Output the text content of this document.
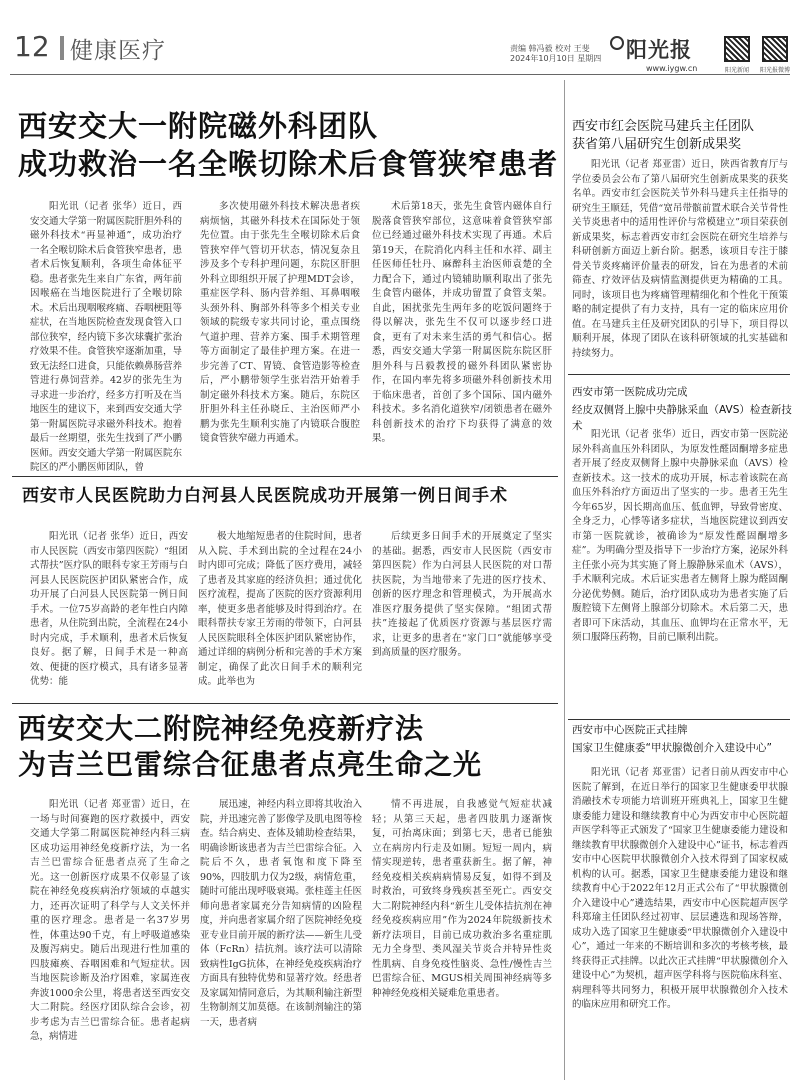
12 健康医疗	责编 韩冯毅 校对 王斐
2024年10月10日 星期四 阳光报
www.iygw.cn	阳光新闻	阳光报微博
西安交大一附院磁外科团队
成功救治一名全喉切除术后食管狭窄患者
阳光讯（记者 张华）近日，西安交通大学第一附属医院肝胆外科的磁外科技术“再显神通”，成功治疗一名全喉切除术后食管狭窄患者，患者术后恢复顺利，各项生命体征平稳。患者张先生来自广东省，两年前因喉癌在当地医院进行了全喉切除术。术后出现咽喉疼痛、吞咽梗阻等症状，在当地医院检查发现食管入口部位狭窄，经内镜下多次球囊扩张治疗效果不佳。食管狭窄逐渐加重，导致无法经口进食，只能依赖鼻肠营养管进行鼻饲营养。42岁的张先生为寻求进一步治疗，经多方打听及在当地医生的建议下，来到西安交通大学第一附属医院寻求磁外科技术。抱着最后一丝期望，张先生找到了严小鹏医师。西安交通大学第一附属医院东院区的严小鹏医师团队，曾
多次使用磁外科技术解决患者疾病烦恼，其磁外科技术在国际处于领先位置。由于张先生全喉切除术后食管狭窄伴气管切开状态，情况复杂且涉及多个专科护理问题，东院区肝胆外科立即组织开展了护理MDT会诊，重症医学科、肠内营养组、耳鼻咽喉头颈外科、胸部外科等多个相关专业领域的院级专家共同讨论，重点围绕气道护理、营养方案、围手术期管理等方面制定了最佳护理方案。在进一步完善了CT、胃镜、食管造影等检查后，严小鹏带领学生张岩浩开始着手制定磁外科技术方案。随后，东院区肝胆外科主任孙晓丘、主治医师严小鹏为张先生顺利实施了内镜联合腹腔镜食管狭窄磁力再通术。
术后第18天，张先生食管内磁体自行脱落食管狭窄部位，这意味着食管狭窄部位已经通过磁外科技术实现了再通。术后第19天，在院消化内科主任和水祥、副主任医师任牡丹、麻醉科主治医师袁楚的全力配合下，通过内镜辅助顺利取出了张先生食管内磁体，并成功留置了食管支架。自此，困扰张先生两年多的吃饭问题终于得以解决，张先生不仅可以逐步经口进食，更有了对未来生活的勇气和信心。据悉，西安交通大学第一附属医院东院区肝胆外科与吕毅教授的磁外科团队紧密协作，在国内率先将多项磁外科创新技术用于临床患者，首创了多个国际、国内磁外科技术。多名消化道狭窄/闭锁患者在磁外科创新技术的治疗下均获得了满意的效果。
西安市人民医院助力白河县人民医院成功开展第一例日间手术
阳光讯（记者 张华）近日，西安市人民医院（西安市第四医院）“组团式帮扶”医疗队的眼科专家王芳雨与白河县人民医院医护团队紧密合作，成功开展了白河县人民医院第一例日间手术。一位75岁高龄的老年性白内障患者，从住院到出院，全流程在24小时内完成，手术顺利，患者术后恢复良好。据了解，日间手术是一种高效、便捷的医疗模式，具有诸多显著优势：能
极大地缩短患者的住院时间，患者从入院、手术到出院的全过程在24小时内即可完成；降低了医疗费用，减轻了患者及其家庭的经济负担；通过优化医疗流程，提高了医院的医疗资源利用率，使更多患者能够及时得到治疗。在眼科帮扶专家王芳雨的带领下，白河县人民医院眼科全体医护团队紧密协作，通过详细的病例分析和完善的手术方案制定，确保了此次日间手术的顺利完成。此举也为
后续更多日间手术的开展奠定了坚实的基础。据悉，西安市人民医院（西安市第四医院）作为白河县人民医院的对口帮扶医院，为当地带来了先进的医疗技术、创新的医疗理念和管理模式，为开展高水准医疗服务提供了坚实保障。“组团式帮扶”连接起了优质医疗资源与基层医疗需求，让更多的患者在“家门口”就能够享受到高质量的医疗服务。
西安交大二附院神经免疫新疗法
为吉兰巴雷综合征患者点亮生命之光
阳光讯（记者 郑亚雷）近日，在一场与时间赛跑的医疗救援中，西安交通大学第二附属医院神经内科三病区成功运用神经免疫新疗法，为一名吉兰巴雷综合征患者点亮了生命之光。这一创新医疗成果不仅彰显了该院在神经免疫疾病治疗领域的卓越实力，还再次证明了科学与人文关怀并重的医疗理念。患者是一名37岁男性，体重达90千克，有上呼吸道感染及腹泻病史。随后出现进行性加重的四肢瘫痪、吞咽困难和气短症状。因当地医院诊断及治疗困难，家属连夜奔波1000余公里，将患者送至西安交大二附院。经医疗团队综合会诊，初步考虑为吉兰巴雷综合征。患者起病急，病情进
展迅速，神经内科立即将其收治入院，并迅速完善了影像学及肌电图等检查。结合病史、查体及辅助检查结果，明确诊断该患者为吉兰巴雷综合征。入院后不久，患者氧饱和度下降至90%，四肢肌力仅为2级，病情危重，随时可能出现呼吸衰竭。张桂莲主任医师向患者家属充分告知病情的凶险程度，并向患者家属介绍了医院神经免疫亚专业目前开展的新疗法——新生儿受体（FcRn）拮抗剂。该疗法可以清除致病性IgG抗体，在神经免疫疾病治疗方面具有独特优势和显著疗效。经患者及家属知情同意后，为其顺利输注新型生物制剂艾加莫德。在该制剂输注的第一天，患者病
情不再进展，自我感觉气短症状减轻；从第三天起，患者四肢肌力逐渐恢复，可抬离床面；到第七天，患者已能独立在病房内行走及如厕。短短一周内，病情实现逆转，患者重获新生。据了解，神经免疫相关疾病病情易反复，如得不到及时救治，可致终身残疾甚至死亡。西安交大二附院神经内科“新生儿受体拮抗剂在神经免疫疾病应用”作为2024年院级新技术新疗法项目，目前已成功救治多名重症肌无力全身型、类风湿关节炎合并特异性炎性肌病、自身免疫性脑炎、急性/慢性吉兰巴雷综合征、MGUS相关周围神经病等多种神经免疫相关疑难危重患者。
西安市红会医院马建兵主任团队
获省第八届研究生创新成果奖
阳光讯（记者 郑亚雷）近日，陕西省教育厅与学位委员会公布了第八届研究生创新成果奖的获奖名单。西安市红会医院关节外科马建兵主任指导的研究生王顺廷，凭借“宽吊带髌前置术联合关节骨性关节炎患者中的适用性评价与常模建立”项目荣获创新成果奖，标志着西安市红会医院在研究生培养与科研创新方面迈上新台阶。据悉，该项目专注于膝骨关节炎疼痛评价量表的研发，旨在为患者的术前筛查、疗效评估及病情监测提供更为精确的工具。同时，该项目也为疼痛管理精细化和个性化干预策略的制定提供了有力支持，具有一定的临床应用价值。在马建兵主任及研究团队的引导下，项目得以顺利开展，体现了团队在该科研领域的扎实基础和持续努力。
西安市第一医院成功完成
经皮双侧肾上腺中央静脉采血（AVS）检查新技术
阳光讯（记者 张华）近日，西安市第一医院泌尿外科高血压外科团队，为原发性醛固酮增多症患者开展了经皮双侧肾上腺中央静脉采血（AVS）检查新技术。这一技术的成功开展，标志着该院在高血压外科治疗方面迈出了坚实的一步。患者王先生今年65岁，因长期高血压、低血钾，导致骨密度、全身乏力，心悸等诸多症状，当地医院建议到西安市第一医院就诊，被确诊为“原发性醛固酮增多症”。为明确分型及指导下一步治疗方案，泌尿外科主任张小亮为其实施了肾上腺静脉采血术（AVS），手术顺利完成。术后证实患者左侧肾上腺为醛固酮分泌优势侧。随后，治疗团队成功为患者实施了后腹腔镜下左侧肾上腺部分切除术。术后第二天，患者即可下床活动，其血压、血钾均在正常水平，无须口服降压药物，目前已顺利出院。
西安市中心医院正式挂牌
国家卫生健康委“甲状腺微创介入建设中心”
阳光讯（记者 郑亚雷）记者日前从西安市中心医院了解到，在近日举行的国家卫生健康委甲状腺消融技术专项能力培训班开班典礼上，国家卫生健康委能力建设和继续教育中心为西安市中心医院超声医学科等正式颁发了“国家卫生健康委能力建设和继续教育甲状腺微创介入建设中心”证书，标志着西安市中心医院甲状腺微创介入技术得到了国家权威机构的认可。据悉，国家卫生健康委能力建设和继续教育中心于2022年12月正式公布了“甲状腺微创介入建设中心”遴选结果，西安市中心医院超声医学科郑瑜主任团队经过初审、层层遴选和现场答辩，成功入选了国家卫生健康委“甲状腺微创介入建设中心”，通过一年来的不断培训和多次的考核考核，最终获得正式挂牌。以此次正式挂牌“甲状腺微创介入建设中心”为契机，超声医学科将与医院临床科室、病理科等共同努力，积极开展甲状腺微创介入技术的临床应用和研究工作。
